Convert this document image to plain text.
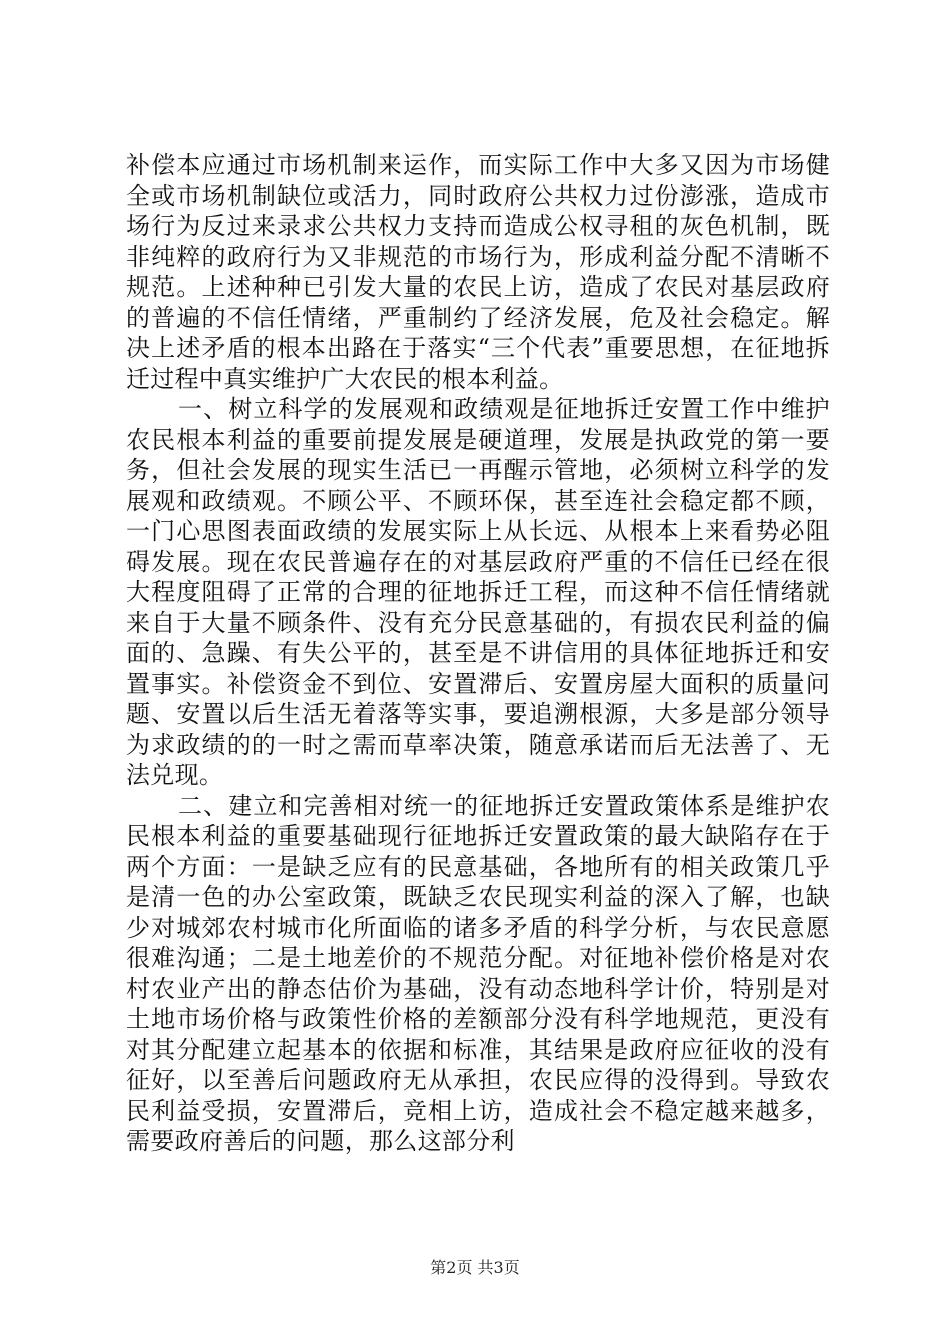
补偿本应通过市场机制来运作，而实际工作中大多又因为市场健全或市场机制缺位或活力，同时政府公共权力过份澎涨，造成市场行为反过来录求公共权力支持而造成公权寻租的灰色机制，既非纯粹的政府行为又非规范的市场行为，形成利益分配不清晰不规范。上述种种已引发大量的农民上访，造成了农民对基层政府的普遍的不信任情绪，严重制约了经济发展，危及社会稳定。解决上述矛盾的根本出路在于落实“三个代表”重要思想，在征地拆迁过程中真实维护广大农民的根本利益。

一、树立科学的发展观和政绩观是征地拆迁安置工作中维护农民根本利益的重要前提发展是硬道理，发展是执政党的第一要务，但社会发展的现实生活已一再醒示管地，必须树立科学的发展观和政绩观。不顾公平、不顾环保，甚至连社会稳定都不顾，一门心思图表面政绩的发展实际上从长远、从根本上来看势必阻碍发展。现在农民普遍存在的对基层政府严重的不信任已经在很大程度阻碍了正常的合理的征地拆迁工程，而这种不信任情绪就来自于大量不顾条件、没有充分民意基础的，有损农民利益的偏面的、急躁、有失公平的，甚至是不讲信用的具体征地拆迁和安置事实。补偿资金不到位、安置滞后、安置房屋大面积的质量问题、安置以后生活无着落等实事，要追溯根源，大多是部分领导为求政绩的的一时之需而草率决策，随意承诺而后无法善了、无法兑现。

二、建立和完善相对统一的征地拆迁安置政策体系是维护农民根本利益的重要基础现行征地拆迁安置政策的最大缺陷存在于两个方面：一是缺乏应有的民意基础，各地所有的相关政策几乎是清一色的办公室政策，既缺乏农民现实利益的深入了解，也缺少对城郊农村城市化所面临的诸多矛盾的科学分析，与农民意愿很难沟通；二是土地差价的不规范分配。对征地补偿价格是对农村农业产出的静态估价为基础，没有动态地科学计价，特别是对土地市场价格与政策性价格的差额部分没有科学地规范，更没有对其分配建立起基本的依据和标准，其结果是政府应征收的没有征好，以至善后问题政府无从承担，农民应得的没得到。导致农民利益受损，安置滞后，竞相上访，造成社会不稳定越来越多，需要政府善后的问题，那么这部分利

第2页 共3页
